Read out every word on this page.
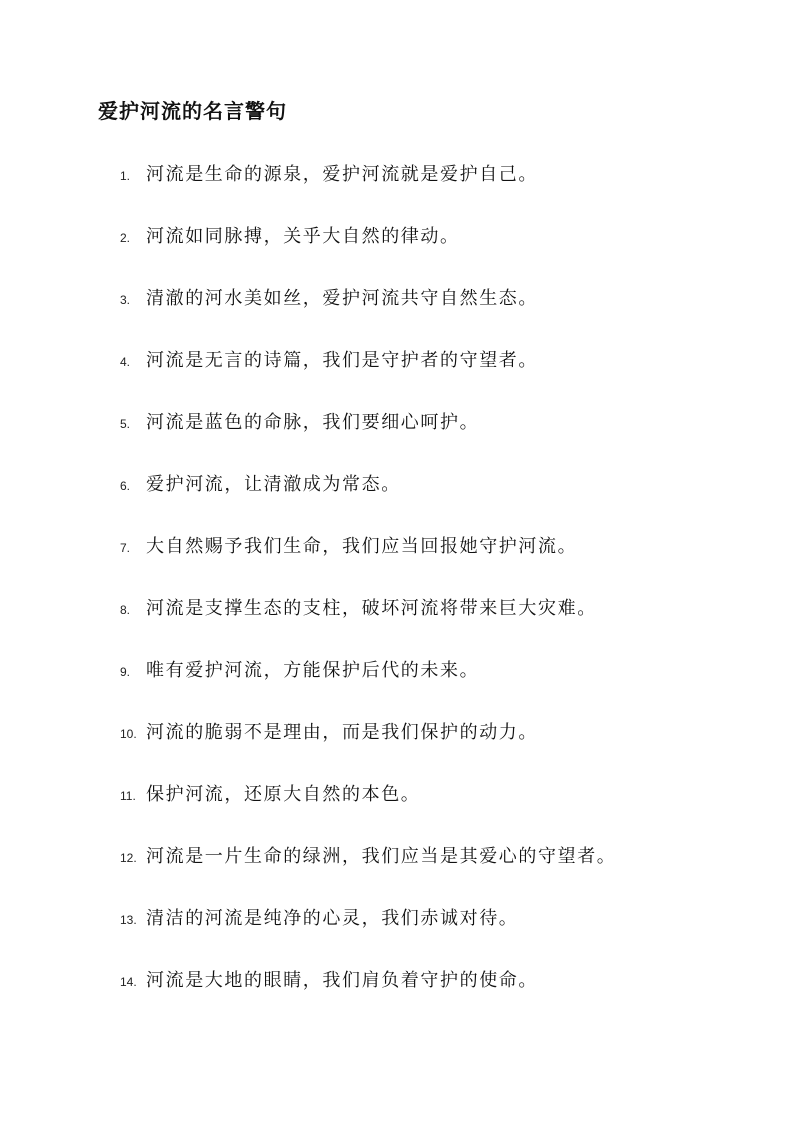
爱护河流的名言警句
1. 河流是生命的源泉，爱护河流就是爱护自己。
2. 河流如同脉搏，关乎大自然的律动。
3. 清澈的河水美如丝，爱护河流共守自然生态。
4. 河流是无言的诗篇，我们是守护者的守望者。
5. 河流是蓝色的命脉，我们要细心呵护。
6. 爱护河流，让清澈成为常态。
7. 大自然赐予我们生命，我们应当回报她守护河流。
8. 河流是支撑生态的支柱，破坏河流将带来巨大灾难。
9. 唯有爱护河流，方能保护后代的未来。
10. 河流的脆弱不是理由，而是我们保护的动力。
11. 保护河流，还原大自然的本色。
12. 河流是一片生命的绿洲，我们应当是其爱心的守望者。
13. 清洁的河流是纯净的心灵，我们赤诚对待。
14. 河流是大地的眼睛，我们肩负着守护的使命。
